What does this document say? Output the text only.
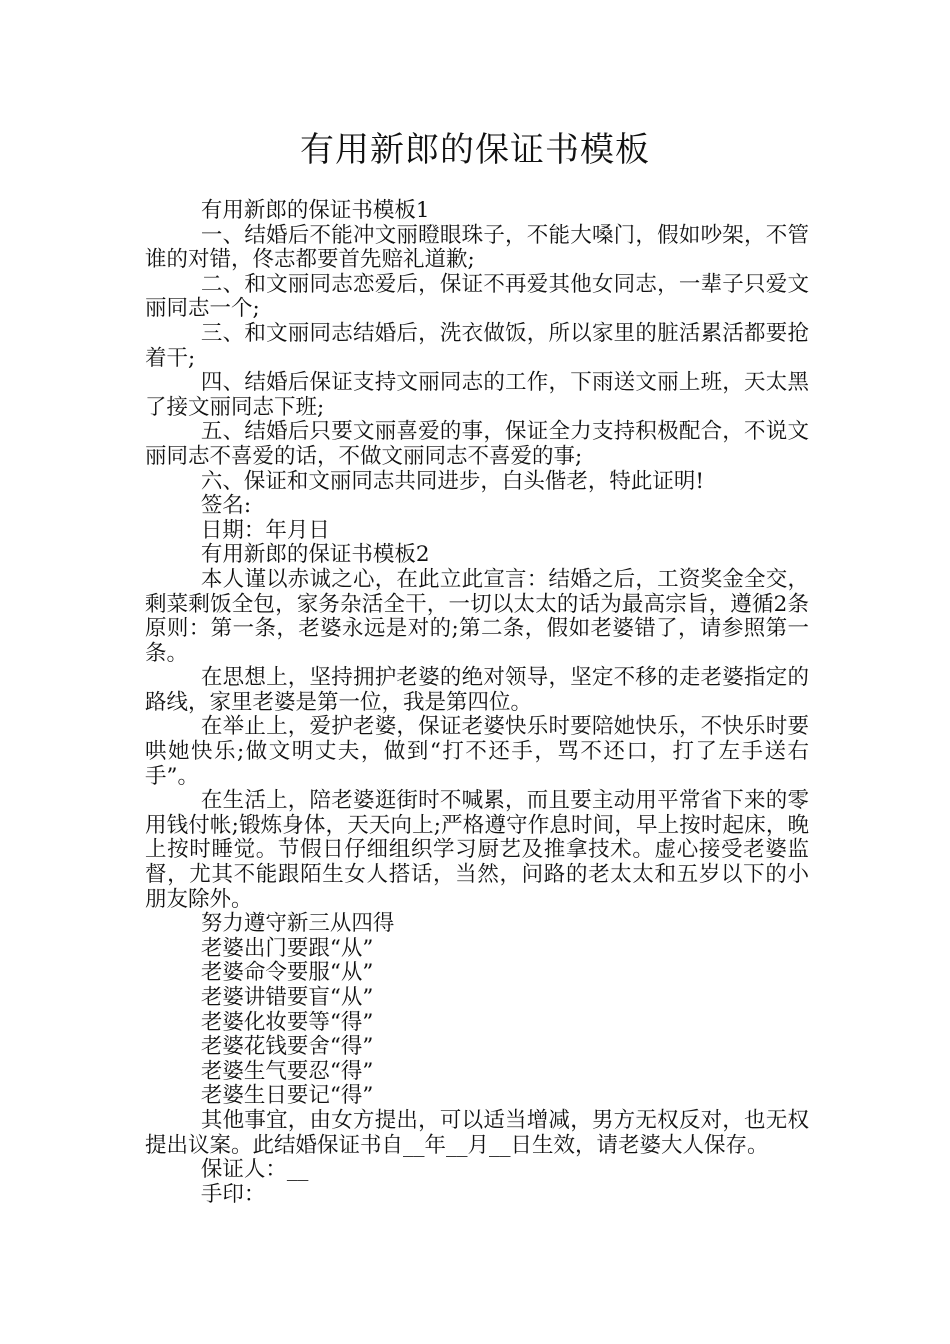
有用新郎的保证书模板

有用新郎的保证书模板1

一、结婚后不能冲文丽瞪眼珠子，不能大嗓门，假如吵架，不管谁的对错，佟志都要首先赔礼道歉;

二、和文丽同志恋爱后，保证不再爱其他女同志，一辈子只爱文丽同志一个;

三、和文丽同志结婚后，洗衣做饭，所以家里的脏活累活都要抢着干;

四、结婚后保证支持文丽同志的工作，下雨送文丽上班，天太黑了接文丽同志下班;

五、结婚后只要文丽喜爱的事，保证全力支持积极配合，不说文丽同志不喜爱的话，不做文丽同志不喜爱的事;

六、保证和文丽同志共同进步，白头偕老，特此证明!

签名:

日期：年月日

有用新郎的保证书模板2

本人谨以赤诚之心，在此立此宣言：结婚之后，工资奖金全交，剩菜剩饭全包，家务杂活全干，一切以太太的话为最高宗旨，遵循2条原则：第一条，老婆永远是对的;第二条，假如老婆错了，请参照第一条。

在思想上，坚持拥护老婆的绝对领导，坚定不移的走老婆指定的路线，家里老婆是第一位，我是第四位。

在举止上，爱护老婆，保证老婆快乐时要陪她快乐，不快乐时要哄她快乐;做文明丈夫，做到“打不还手，骂不还口，打了左手送右手”。

在生活上，陪老婆逛街时不喊累，而且要主动用平常省下来的零用钱付帐;锻炼身体，天天向上;严格遵守作息时间，早上按时起床，晚上按时睡觉。节假日仔细组织学习厨艺及推拿技术。虚心接受老婆监督，尤其不能跟陌生女人搭话，当然，问路的老太太和五岁以下的小朋友除外。

努力遵守新三从四得

老婆出门要跟“从”

老婆命令要服“从”

老婆讲错要盲“从”

老婆化妆要等“得”

老婆花钱要舍“得”

老婆生气要忍“得”

老婆生日要记“得”

其他事宜，由女方提出，可以适当增减，男方无权反对，也无权提出议案。此结婚保证书自__年__月__日生效，请老婆大人保存。

保证人：__

手印：
